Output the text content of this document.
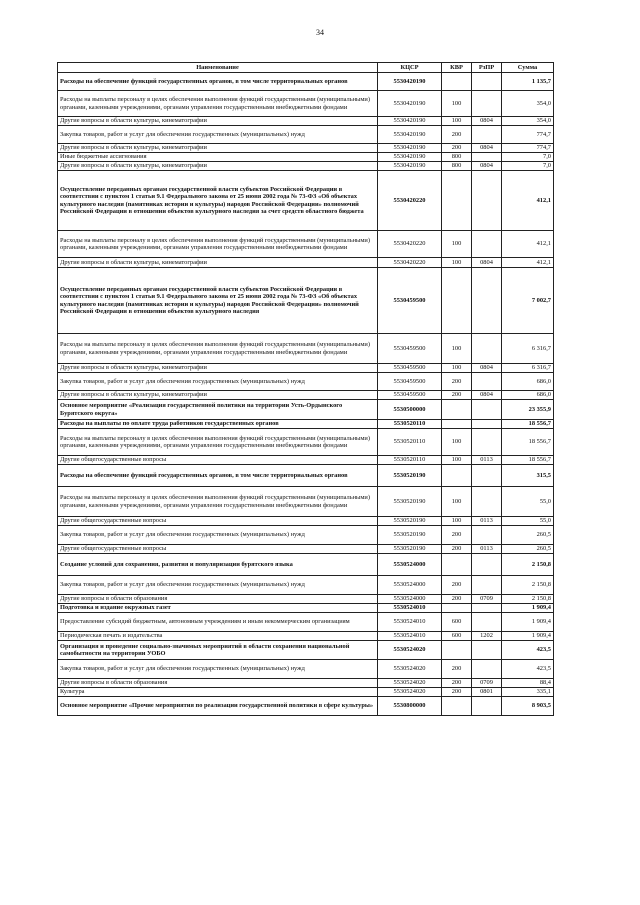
34
Наименование	КЦСР	КВР	РзПР	Сумма
Расходы на обеспечение функций государственных органов, в том числе территориальных органов	5530420190			1 135,7
Расходы на выплаты персоналу в целях обеспечения выполнения функций государственными (муниципальными) органами, казенными учреждениями, органами управления государственными внебюджетными фондами	5530420190	100		354,0
Другие вопросы в области культуры, кинематографии	5530420190	100	0804	354,0
Закупка товаров, работ и услуг для обеспечения государственных (муниципальных) нужд	5530420190	200		774,7
Другие вопросы в области культуры, кинематографии	5530420190	200	0804	774,7
Иные бюджетные ассигнования	5530420190	800		7,0
Другие вопросы в области культуры, кинематографии	5530420190	800	0804	7,0
Осуществление переданных органам государственной власти субъектов Российской Федерации в соответствии с пунктом 1 статьи 9.1 Федерального закона от 25 июня 2002 года № 73-ФЗ «Об объектах культурного наследия (памятниках истории и культуры) народов Российской Федерации» полномочий Российской Федерации в отношении объектов культурного наследия за счет средств областного бюджета	5530420220			412,1
Расходы на выплаты персоналу в целях обеспечения выполнения функций государственными (муниципальными) органами, казенными учреждениями, органами управления государственными внебюджетными фондами	5530420220	100		412,1
Другие вопросы в области культуры, кинематографии	5530420220	100	0804	412,1
Осуществление переданных органам государственной власти субъектов Российской Федерации в соответствии с пунктом 1 статьи 9.1 Федерального закона от 25 июня 2002 года № 73-ФЗ «Об объектах культурного наследия (памятниках истории и культуры) народов Российской Федерации» полномочий Российской Федерации в отношении объектов культурного наследия	5530459500			7 002,7
Расходы на выплаты персоналу в целях обеспечения выполнения функций государственными (муниципальными) органами, казенными учреждениями, органами управления государственными внебюджетными фондами	5530459500	100		6 316,7
Другие вопросы в области культуры, кинематографии	5530459500	100	0804	6 316,7
Закупка товаров, работ и услуг для обеспечения государственных (муниципальных) нужд	5530459500	200		686,0
Другие вопросы в области культуры, кинематографии	5530459500	200	0804	686,0
Основное мероприятие «Реализация государственной политики на территории Усть-Ордынского Бурятского округа»	5530500000			23 355,9
Расходы на выплаты по оплате труда работников государственных органов	5530520110			18 556,7
Расходы на выплаты персоналу в целях обеспечения выполнения функций государственными (муниципальными) органами, казенными учреждениями, органами управления государственными внебюджетными фондами	5530520110	100		18 556,7
Другие общегосударственные вопросы	5530520110	100	0113	18 556,7
Расходы на обеспечение функций государственных органов, в том числе территориальных органов	5530520190			315,5
Расходы на выплаты персоналу в целях обеспечения выполнения функций государственными (муниципальными) органами, казенными учреждениями, органами управления государственными внебюджетными фондами	5530520190	100		55,0
Другие общегосударственные вопросы	5530520190	100	0113	55,0
Закупка товаров, работ и услуг для обеспечения государственных (муниципальных) нужд	5530520190	200		260,5
Другие общегосударственные вопросы	5530520190	200	0113	260,5
Создание условий для сохранения, развития и популяризации бурятского языка	5530524000			2 150,8
Закупка товаров, работ и услуг для обеспечения государственных (муниципальных) нужд	5530524000	200		2 150,8
Другие вопросы в области образования	5530524000	200	0709	2 150,8
Подготовка и издание окружных газет	5530524010			1 909,4
Предоставление субсидий бюджетным, автономным учреждениям и иным некоммерческим организациям	5530524010	600		1 909,4
Периодическая печать и издательства	5530524010	600	1202	1 909,4
Организация и проведение социально-значимых мероприятий в области сохранения национальной самобытности на территории УОБО	5530524020			423,5
Закупка товаров, работ и услуг для обеспечения государственных (муниципальных) нужд	5530524020	200		423,5
Другие вопросы в области образования	5530524020	200	0709	88,4
Культура	5530524020	200	0801	335,1
Основное мероприятие «Прочие мероприятия по реализации государственной политики в сфере культуры»	5530800000			8 903,5
